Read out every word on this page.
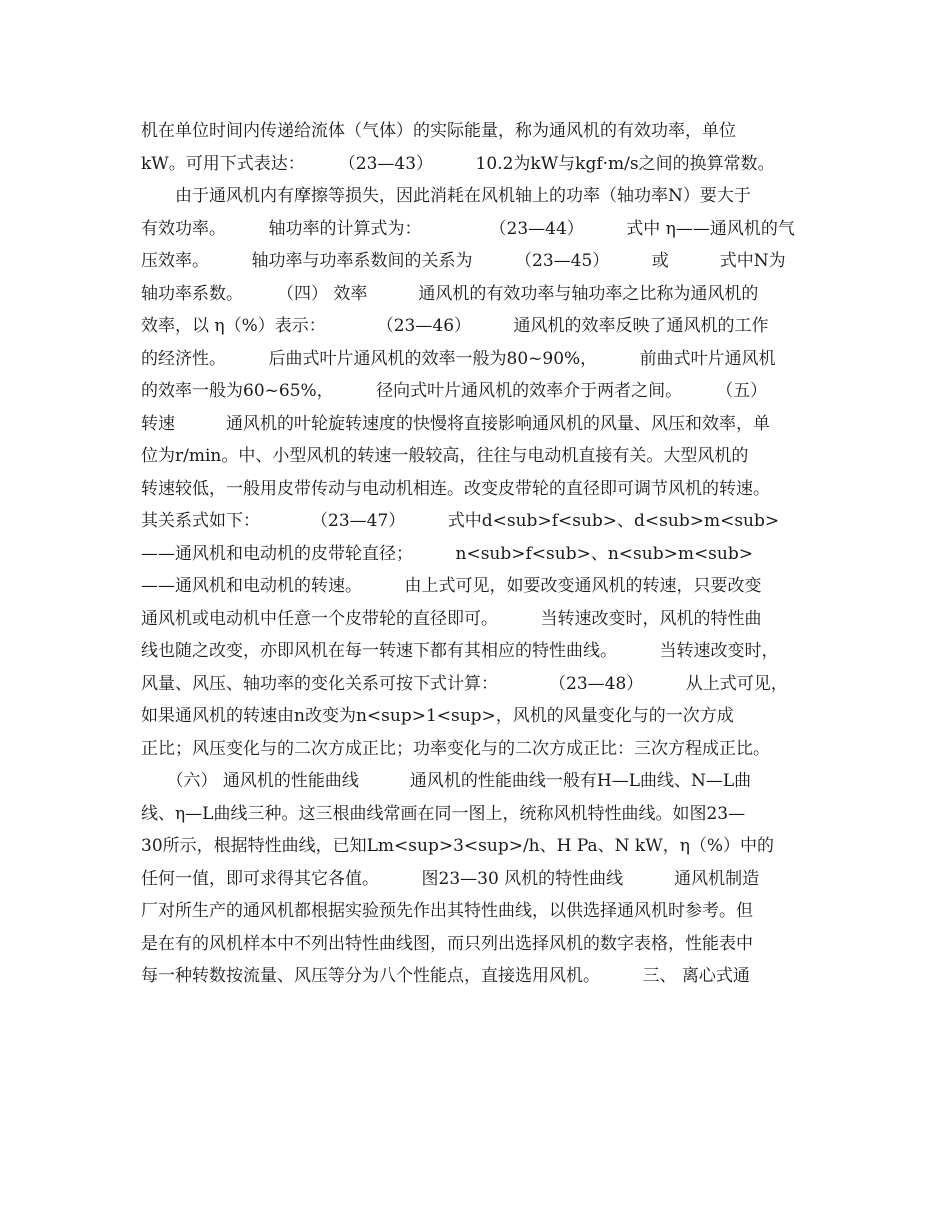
机在单位时间内传递给流体（气体）的实际能量，称为通风机的有效功率，单位
kW。可用下式表达：　　　（23—43）　　　10.2为kW与kgf·m/s之间的换算常数。
　　由于通风机内有摩擦等损失，因此消耗在风机轴上的功率（轴功率N）要大于
有效功率。　　　轴功率的计算式为：　　　　　（23—44）　　　式中 η——通风机的气
压效率。　　　轴功率与功率系数间的关系为　　　（23—45）　　　或　　　式中N为
轴功率系数。　　　（四） 效率　　　通风机的有效功率与轴功率之比称为通风机的
效率，以 η（%）表示：　　　　（23—46）　　　通风机的效率反映了通风机的工作
的经济性。　　　后曲式叶片通风机的效率一般为80~90%，　　　前曲式叶片通风机
的效率一般为60~65%，　　　径向式叶片通风机的效率介于两者之间。　　　（五）
转速　　　通风机的叶轮旋转速度的快慢将直接影响通风机的风量、风压和效率，单
位为r/min。中、小型风机的转速一般较高，往往与电动机直接有关。大型风机的
转速较低，一般用皮带传动与电动机相连。改变皮带轮的直径即可调节风机的转速。
其关系式如下：　　　　（23—47）　　　式中d<sub>f<sub>、d<sub>m<sub>
——通风机和电动机的皮带轮直径；　　　n<sub>f<sub>、n<sub>m<sub>
——通风机和电动机的转速。　　　由上式可见，如要改变通风机的转速，只要改变
通风机或电动机中任意一个皮带轮的直径即可。　　　当转速改变时，风机的特性曲
线也随之改变，亦即风机在每一转速下都有其相应的特性曲线。　　　当转速改变时，
风量、风压、轴功率的变化关系可按下式计算：　　　　（23—48）　　　从上式可见，
如果通风机的转速由n改变为n<sup>1<sup>，风机的风量变化与的一次方成
正比；风压变化与的二次方成正比；功率变化与的二次方成正比：三次方程成正比。
　　（六） 通风机的性能曲线　　　通风机的性能曲线一般有H—L曲线、N—L曲
线、η—L曲线三种。这三根曲线常画在同一图上，统称风机特性曲线。如图23—
30所示，根据特性曲线，已知Lm<sup>3<sup>/h、H Pa、N kW，η（%）中的
任何一值，即可求得其它各值。　　　图23—30 风机的特性曲线　　　通风机制造
厂对所生产的通风机都根据实验预先作出其特性曲线，以供选择通风机时参考。但
是在有的风机样本中不列出特性曲线图，而只列出选择风机的数字表格，性能表中
每一种转数按流量、风压等分为八个性能点，直接选用风机。　　　三、 离心式通
